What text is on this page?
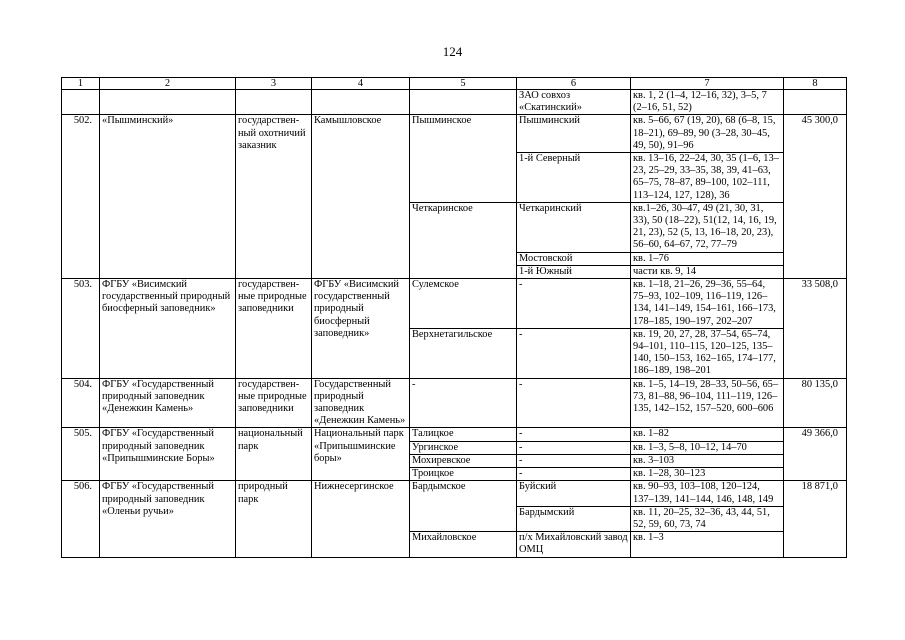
124
1	2	3	4	5	6	7	8
					ЗАО совхоз «Скатинский»	кв. 1, 2 (1–4, 12–16, 32), 3–5, 7 (2–16, 51, 52)	
502.	«Пышминский»	государствен-ный охотничий заказник	Камышловское	Пышминское	Пышминский	кв. 5–66, 67 (19, 20), 68 (6–8, 15, 18–21), 69–89, 90 (3–28, 30–45, 49, 50), 91–96	45 300,0
					1-й Северный	кв. 13–16, 22–24, 30, 35 (1–6, 13–23, 25–29, 33–35, 38, 39, 41–63, 65–75, 78–87, 89–100, 102–111, 113–124, 127, 128), 36	
				Четкаринское	Четкаринский	кв.1–26, 30–47, 49 (21, 30, 31, 33), 50 (18–22), 51(12, 14, 16, 19, 21, 23), 52 (5, 13, 16–18, 20, 23), 56–60, 64–67, 72, 77–79	
					Мостовской	кв. 1–76	
					1-й Южный	части кв. 9, 14	
503.	ФГБУ «Висимский государственный природный биосферный заповедник»	государствен-ные природные заповедники	ФГБУ «Висимский государственный природный биосферный заповедник»	Сулемское	-	кв. 1–18, 21–26, 29–36, 55–64, 75–93, 102–109, 116–119, 126–134, 141–149, 154–161, 166–173, 178–185, 190–197, 202–207	33 508,0
				Верхнетагильское	-	кв. 19, 20, 27, 28, 37–54, 65–74, 94–101, 110–115, 120–125, 135–140, 150–153, 162–165, 174–177, 186–189, 198–201	
504.	ФГБУ «Государственный природный заповедник «Денежкин Камень»	государствен-ные природные заповедники	Государственный природный заповедник «Денежкин Камень»	-	-	кв. 1–5, 14–19, 28–33, 50–56, 65–73, 81–88, 96–104, 111–119, 126–135, 142–152, 157–520, 600–606	80 135,0
505.	ФГБУ «Государственный природный заповедник «Припышминские Боры»	национальный парк	Национальный парк «Припышминские боры»	Талицкое	-	кв. 1–82	49 366,0
				Ургинское	-	кв. 1–3, 5–8, 10–12, 14–70	
				Мохиревское	-	кв. 3–103	
				Троицкое	-	кв. 1–28, 30–123	
506.	ФГБУ «Государственный природный заповедник «Оленьи ручьи»	природный парк	Нижнесергинское	Бардымское	Буйский	кв. 90–93, 103–108, 120–124, 137–139, 141–144, 146, 148, 149	18 871,0
					Бардымский	кв. 11, 20–25, 32–36, 43, 44, 51, 52, 59, 60, 73, 74	
				Михайловское	п/х Михайловский завод ОМЦ	кв. 1–3	
